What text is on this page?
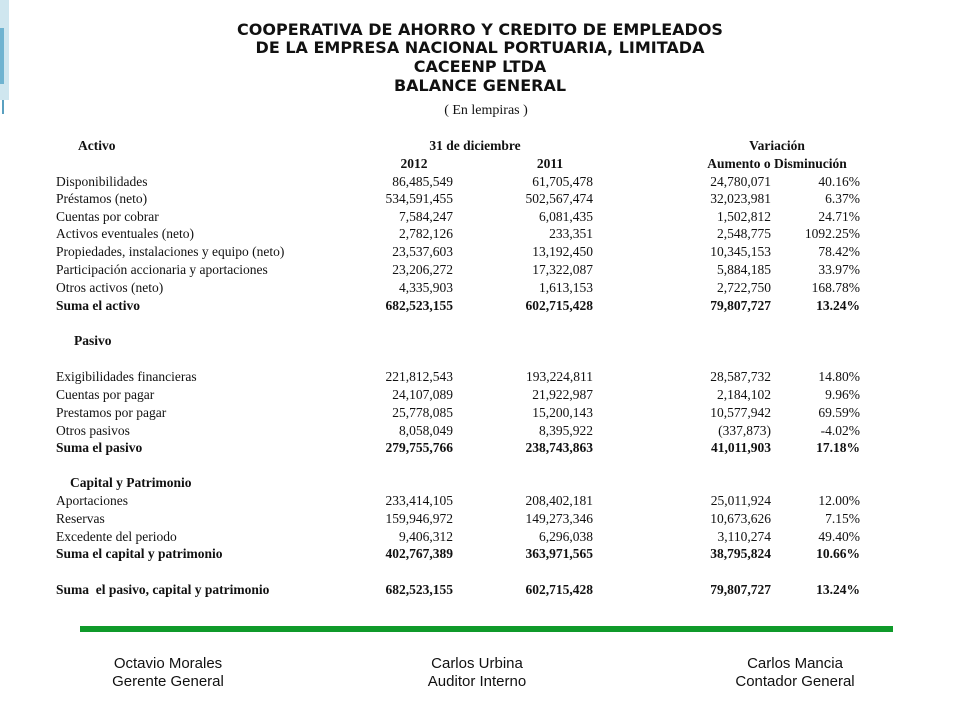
COOPERATIVA DE AHORRO Y CREDITO DE EMPLEADOS
DE LA EMPRESA NACIONAL PORTUARIA, LIMITADA
CACEENP LTDA
BALANCE GENERAL
( En lempiras )
Activo	31 de diciembre	Variación
2012	2011	Aumento o Disminución
Disponibilidades	86,485,549	61,705,478	24,780,071	40.16%
Préstamos (neto)	534,591,455	502,567,474	32,023,981	6.37%
Cuentas por cobrar	7,584,247	6,081,435	1,502,812	24.71%
Activos eventuales (neto)	2,782,126	233,351	2,548,775	1092.25%
Propiedades, instalaciones y equipo (neto)	23,537,603	13,192,450	10,345,153	78.42%
Participación accionaria y aportaciones	23,206,272	17,322,087	5,884,185	33.97%
Otros activos (neto)	4,335,903	1,613,153	2,722,750	168.78%
Suma el activo	682,523,155	602,715,428	79,807,727	13.24%
Pasivo
Exigibilidades financieras	221,812,543	193,224,811	28,587,732	14.80%
Cuentas por pagar	24,107,089	21,922,987	2,184,102	9.96%
Prestamos por pagar	25,778,085	15,200,143	10,577,942	69.59%
Otros pasivos	8,058,049	8,395,922	(337,873)	-4.02%
Suma el pasivo	279,755,766	238,743,863	41,011,903	17.18%
Capital y Patrimonio
Aportaciones	233,414,105	208,402,181	25,011,924	12.00%
Reservas	159,946,972	149,273,346	10,673,626	7.15%
Excedente del periodo	9,406,312	6,296,038	3,110,274	49.40%
Suma el capital y patrimonio	402,767,389	363,971,565	38,795,824	10.66%
Suma  el pasivo, capital y patrimonio	682,523,155	602,715,428	79,807,727	13.24%
Octavio Morales
Gerente General
Carlos Urbina
Auditor Interno
Carlos Mancia
Contador General
